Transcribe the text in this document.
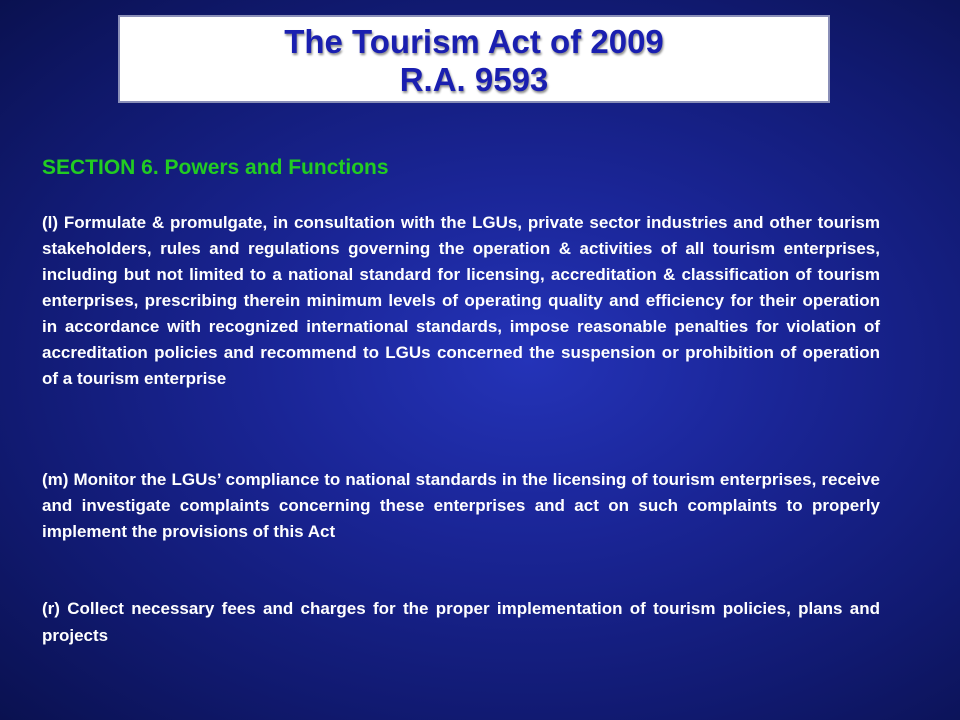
The Tourism Act of 2009
R.A. 9593
SECTION 6. Powers and Functions

(l) Formulate & promulgate, in consultation with the LGUs, private sector industries and other tourism stakeholders, rules and regulations governing the operation & activities of all tourism enterprises, including but not limited to a national standard for licensing, accreditation & classification of tourism enterprises, prescribing therein minimum levels of operating quality and efficiency for their operation in accordance with recognized international standards, impose reasonable penalties for violation of accreditation policies and recommend to LGUs concerned the suspension or prohibition of operation of a tourism enterprise

(m) Monitor the LGUs’ compliance to national standards in the licensing of tourism enterprises, receive and investigate complaints concerning these enterprises and act on such complaints to properly implement the provisions of this Act

(r) Collect necessary fees and charges for the proper implementation of tourism policies, plans and projects
